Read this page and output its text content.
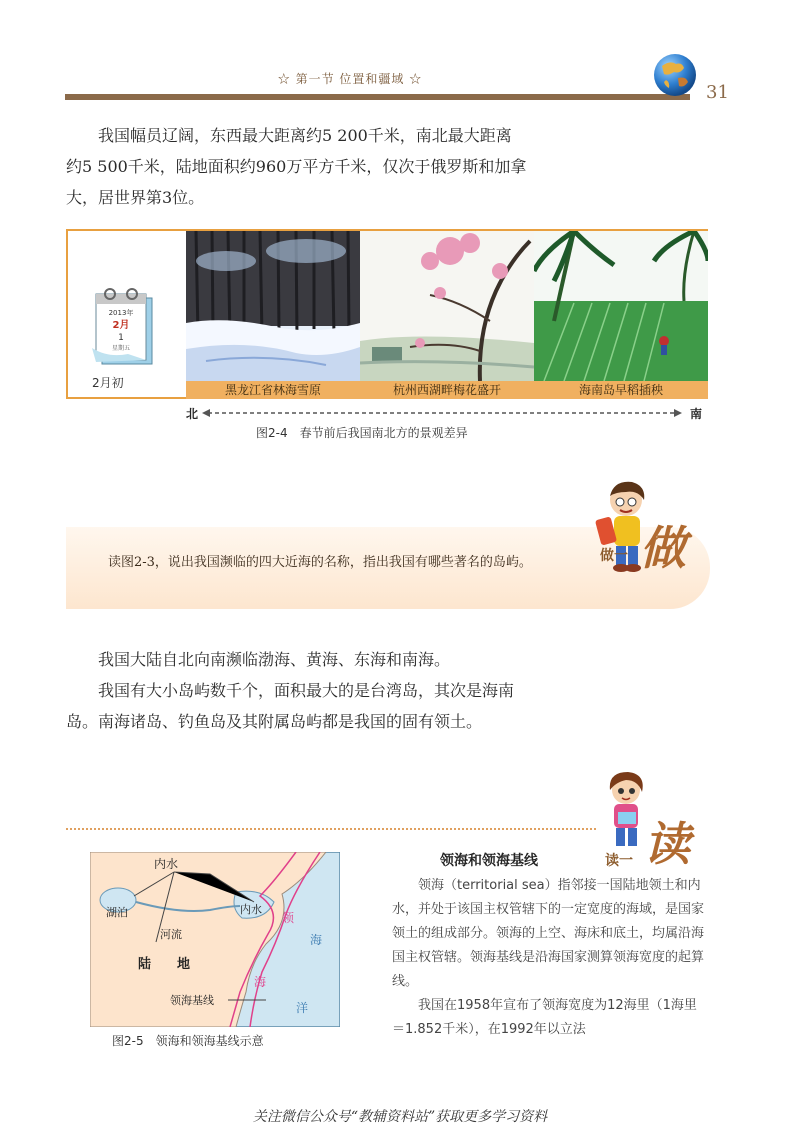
☆ 第一节 位置和疆域 ☆
31

我国幅员辽阔，东西最大距离约5 200千米，南北最大距离

约5 500千米，陆地面积约960万平方千米，仅次于俄罗斯和加拿

大，居世界第3位。

2013年
2月
1
星期五
2月初	黑龙江省林海雪原	杭州西湖畔梅花盛开	海南岛早稻插秧
北	南
图2-4　春节前后我国南北方的景观差异
读图2-3，说出我国濒临的四大近海的名称，指出我国有哪些著名的岛屿。	做一 做

我国大陆自北向南濒临渤海、黄海、东海和南海。

我国有大小岛屿数千个，面积最大的是台湾岛，其次是海南

岛。南海诸岛、钓鱼岛及其附属岛屿都是我国的固有领土。

读一 读
内水
湖泊	内水
河流
陆　　地
领海基线
领
海
海
洋
图2-5　领海和领海基线示意
领海和领海基线

领海（territorial sea）指邻接一国陆地领土和内水，并处于该国主权管辖下的一定宽度的海域，是国家领土的组成部分。领海的上空、海床和底土，均属沿海国主权管辖。领海基线是沿海国家测算领海宽度的起算线。

我国在1958年宣布了领海宽度为12海里（1海里＝1.852千米），在1992年以立法

关注微信公众号“教辅资料站”获取更多学习资料
